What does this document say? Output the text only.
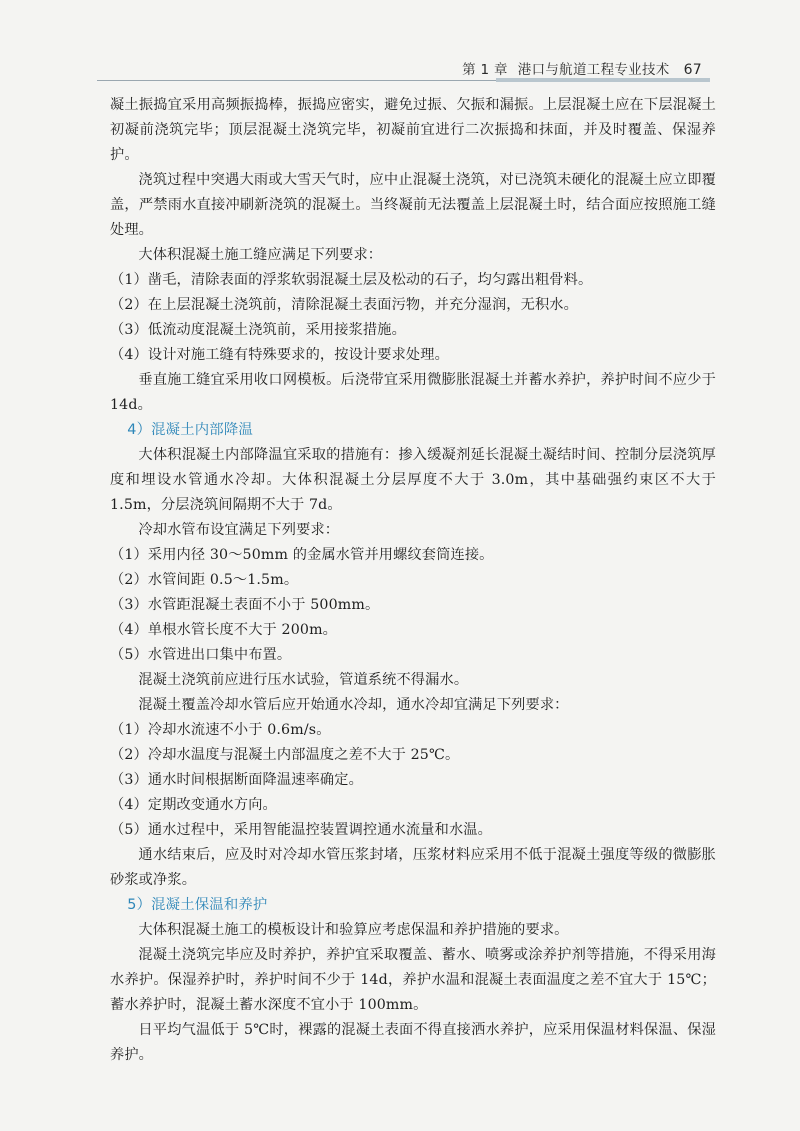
第 1 章 港口与航道工程专业技术 67

凝土振捣宜采用高频振捣棒，振捣应密实，避免过振、欠振和漏振。上层混凝土应在下层混凝土初凝前浇筑完毕；顶层混凝土浇筑完毕，初凝前宜进行二次振捣和抹面，并及时覆盖、保湿养护。

浇筑过程中突遇大雨或大雪天气时，应中止混凝土浇筑，对已浇筑未硬化的混凝土应立即覆盖，严禁雨水直接冲刷新浇筑的混凝土。当终凝前无法覆盖上层混凝土时，结合面应按照施工缝处理。

大体积混凝土施工缝应满足下列要求：

（1）凿毛，清除表面的浮浆软弱混凝土层及松动的石子，均匀露出粗骨料。

（2）在上层混凝土浇筑前，清除混凝土表面污物，并充分湿润，无积水。

（3）低流动度混凝土浇筑前，采用接浆措施。

（4）设计对施工缝有特殊要求的，按设计要求处理。

垂直施工缝宜采用收口网模板。后浇带宜采用微膨胀混凝土并蓄水养护，养护时间不应少于 14d。

4）混凝土内部降温

大体积混凝土内部降温宜采取的措施有：掺入缓凝剂延长混凝土凝结时间、控制分层浇筑厚度和埋设水管通水冷却。大体积混凝土分层厚度不大于 3.0m，其中基础强约束区不大于 1.5m，分层浇筑间隔期不大于 7d。

冷却水管布设宜满足下列要求：

（1）采用内径 30～50mm 的金属水管并用螺纹套筒连接。

（2）水管间距 0.5～1.5m。

（3）水管距混凝土表面不小于 500mm。

（4）单根水管长度不大于 200m。

（5）水管进出口集中布置。

混凝土浇筑前应进行压水试验，管道系统不得漏水。

混凝土覆盖冷却水管后应开始通水冷却，通水冷却宜满足下列要求：

（1）冷却水流速不小于 0.6m/s。

（2）冷却水温度与混凝土内部温度之差不大于 25℃。

（3）通水时间根据断面降温速率确定。

（4）定期改变通水方向。

（5）通水过程中，采用智能温控装置调控通水流量和水温。

通水结束后，应及时对冷却水管压浆封堵，压浆材料应采用不低于混凝土强度等级的微膨胀砂浆或净浆。

5）混凝土保温和养护

大体积混凝土施工的模板设计和验算应考虑保温和养护措施的要求。

混凝土浇筑完毕应及时养护，养护宜采取覆盖、蓄水、喷雾或涂养护剂等措施，不得采用海水养护。保湿养护时，养护时间不少于 14d，养护水温和混凝土表面温度之差不宜大于 15℃；蓄水养护时，混凝土蓄水深度不宜小于 100mm。

日平均气温低于 5℃时，裸露的混凝土表面不得直接洒水养护，应采用保温材料保温、保湿养护。
